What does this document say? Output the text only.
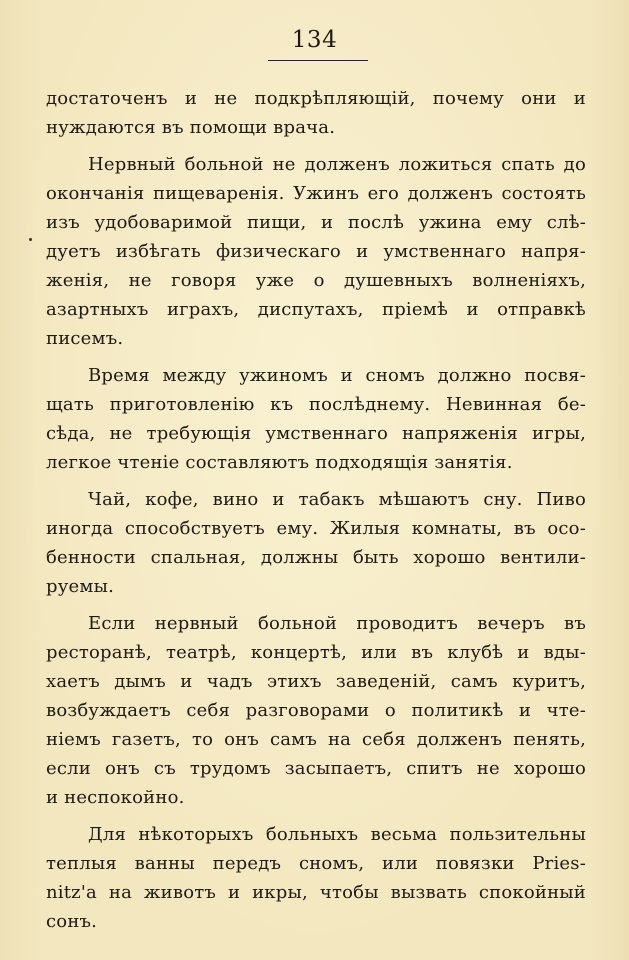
134
достаточенъ и не подкрѣпляющій, почему они и
нуждаются въ помощи врача.
Нервный больной не долженъ ложиться спать до
окончанія пищеваренія. Ужинъ его долженъ состоять
изъ удобоваримой пищи, и послѣ ужина ему слѣ-
дуетъ избѣгать физическаго и умственнаго напря-
женія, не говоря уже о душевныхъ волненіяхъ,
азартныхъ играхъ, диспутахъ, пріемѣ и отправкѣ
писемъ.
Время между ужиномъ и сномъ должно посвя-
щать приготовленію къ послѣднему. Невинная бе-
сѣда, не требующія умственнаго напряженія игры,
легкое чтеніе составляютъ подходящія занятія.
Чай, кофе, вино и табакъ мѣшаютъ сну. Пиво
иногда способствуетъ ему. Жилыя комнаты, въ осо-
бенности спальная, должны быть хорошо вентили-
руемы.
Если нервный больной проводитъ вечеръ въ
ресторанѣ, театрѣ, концертѣ, или въ клубѣ и вды-
хаетъ дымъ и чадъ этихъ заведеній, самъ куритъ,
возбуждаетъ себя разговорами о политикѣ и чте-
ніемъ газетъ, то онъ самъ на себя долженъ пенять,
если онъ съ трудомъ засыпаетъ, спитъ не хорошо
и неспокойно.
Для нѣкоторыхъ больныхъ весьма пользительны
теплыя ванны передъ сномъ, или повязки Pries-
nitz'а на животъ и икры, чтобы вызвать спокойный
сонъ.
